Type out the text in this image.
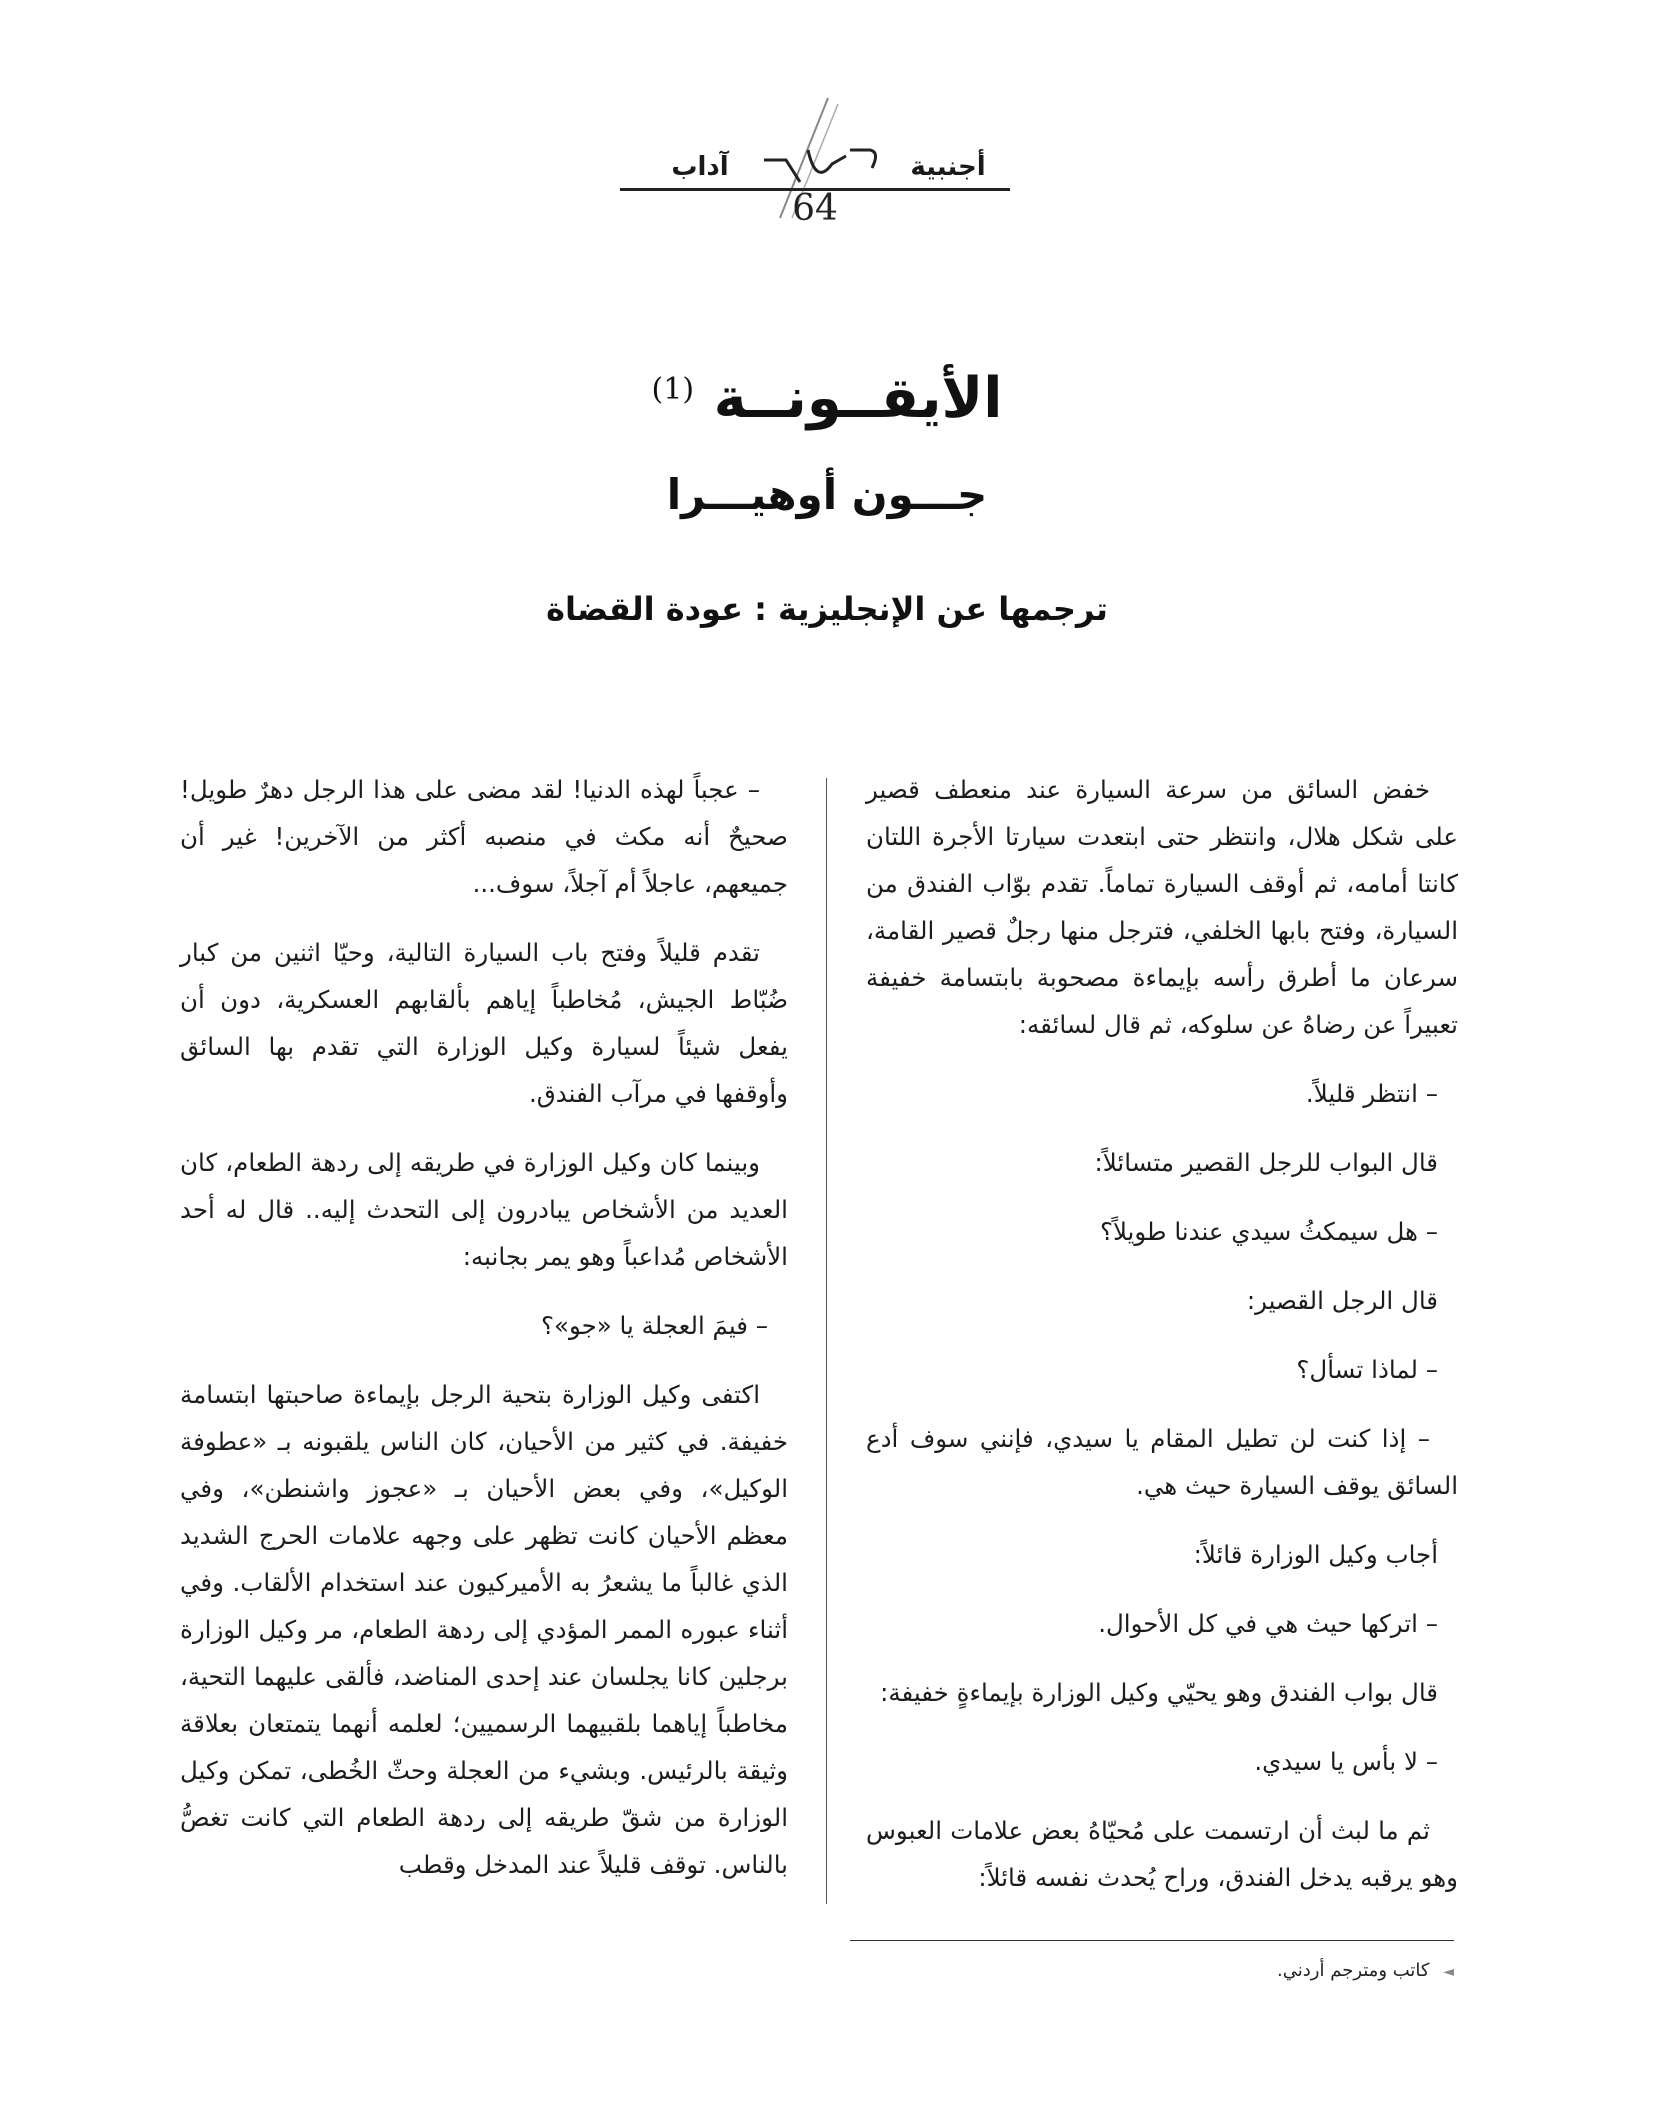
آداب	أجنبية
64
الأيقــونــة $^{(1)}$
جـــون أوهيـــرا
ترجمها عن الإنجليزية : عودة القضاة

خفض السائق من سرعة السيارة عند منعطف قصير على شكل هلال، وانتظر حتى ابتعدت سيارتا الأجرة اللتان كانتا أمامه، ثم أوقف السيارة تماماً. تقدم بوّاب الفندق من السيارة، وفتح بابها الخلفي، فترجل منها رجلٌ قصير القامة، سرعان ما أطرق رأسه بإيماءة مصحوبة بابتسامة خفيفة تعبيراً عن رضاهُ عن سلوكه، ثم قال لسائقه:

– انتظر قليلاً.

قال البواب للرجل القصير متسائلاً:

– هل سيمكثُ سيدي عندنا طويلاً؟

قال الرجل القصير:

– لماذا تسأل؟

– إذا كنت لن تطيل المقام يا سيدي، فإنني سوف أدع السائق يوقف السيارة حيث هي.

أجاب وكيل الوزارة قائلاً:

– اتركها حيث هي في كل الأحوال.

قال بواب الفندق وهو يحيّي وكيل الوزارة بإيماءةٍ خفيفة:

– لا بأس يا سيدي.

ثم ما لبث أن ارتسمت على مُحيّاهُ بعض علامات العبوس وهو يرقبه يدخل الفندق، وراح يُحدث نفسه قائلاً:

– عجباً لهذه الدنيا! لقد مضى على هذا الرجل دهرٌ طويل! صحيحٌ أنه مكث في منصبه أكثر من الآخرين! غير أن جميعهم، عاجلاً أم آجلاً، سوف...

تقدم قليلاً وفتح باب السيارة التالية، وحيّا اثنين من كبار ضُبّاط الجيش، مُخاطباً إياهم بألقابهم العسكرية، دون أن يفعل شيئاً لسيارة وكيل الوزارة التي تقدم بها السائق وأوقفها في مرآب الفندق.

وبينما كان وكيل الوزارة في طريقه إلى ردهة الطعام، كان العديد من الأشخاص يبادرون إلى التحدث إليه.. قال له أحد الأشخاص مُداعباً وهو يمر بجانبه:

– فيمَ العجلة يا «جو»؟

اكتفى وكيل الوزارة بتحية الرجل بإيماءة صاحبتها ابتسامة خفيفة. في كثير من الأحيان، كان الناس يلقبونه بـ «عطوفة الوكيل»، وفي بعض الأحيان بـ «عجوز واشنطن»، وفي معظم الأحيان كانت تظهر على وجهه علامات الحرج الشديد الذي غالباً ما يشعرُ به الأميركيون عند استخدام الألقاب. وفي أثناء عبوره الممر المؤدي إلى ردهة الطعام، مر وكيل الوزارة برجلين كانا يجلسان عند إحدى المناضد، فألقى عليهما التحية، مخاطباً إياهما بلقبيهما الرسميين؛ لعلمه أنهما يتمتعان بعلاقة وثيقة بالرئيس. وبشيء من العجلة وحثّ الخُطى، تمكن وكيل الوزارة من شقّ طريقه إلى ردهة الطعام التي كانت تغصُّ بالناس. توقف قليلاً عند المدخل وقطب

◄ كاتب ومترجم أردني.
